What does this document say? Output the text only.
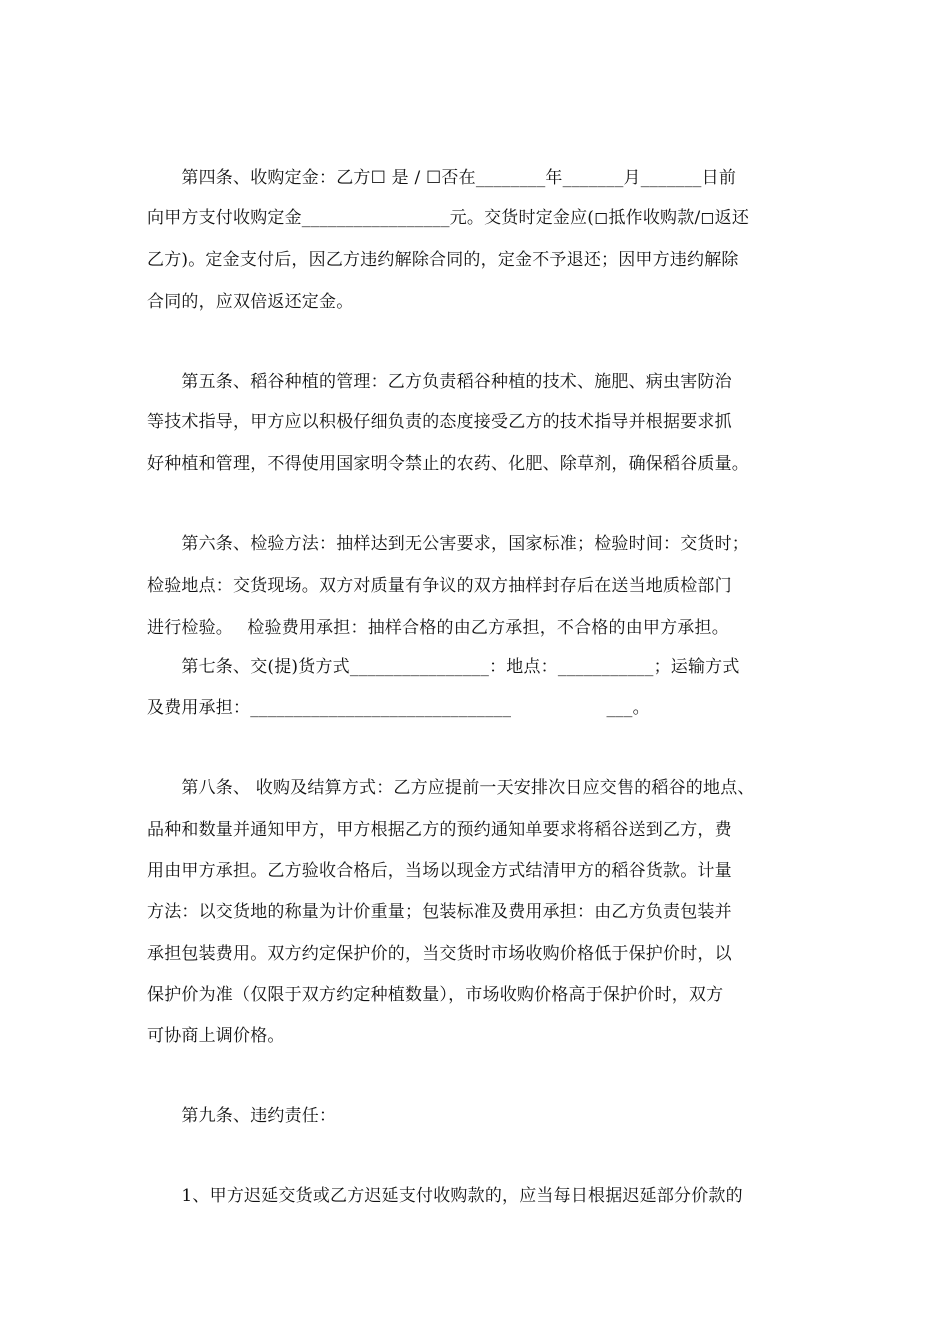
　　第四条、收购定金：乙方☐ 是 / ☐否在________年_______月_______日前
向甲方支付收购定金_________________元。交货时定金应(◻抵作收购款/◻返还
乙方)。定金支付后，因乙方违约解除合同的，定金不予退还；因甲方违约解除
合同的，应双倍返还定金。
　　第五条、稻谷种植的管理：乙方负责稻谷种植的技术、施肥、病虫害防治
等技术指导，甲方应以积极仔细负责的态度接受乙方的技术指导并根据要求抓
好种植和管理，不得使用国家明令禁止的农药、化肥、除草剂，确保稻谷质量。
　　第六条、检验方法：抽样达到无公害要求，国家标准；检验时间：交货时；
检验地点：交货现场。双方对质量有争议的双方抽样封存后在送当地质检部门
进行检验。　 检验费用承担：抽样合格的由乙方承担，不合格的由甲方承担。
　　第七条、交(提)货方式________________：地点：___________；运输方式
及费用承担：______________________________                 ___。
　　第八条、 收购及结算方式：乙方应提前一天安排次日应交售的稻谷的地点、
品种和数量并通知甲方，甲方根据乙方的预约通知单要求将稻谷送到乙方，费
用由甲方承担。乙方验收合格后，当场以现金方式结清甲方的稻谷货款。计量
方法：以交货地的称量为计价重量；包装标准及费用承担：由乙方负责包装并
承担包装费用。双方约定保护价的，当交货时市场收购价格低于保护价时，以
保护价为准（仅限于双方约定种植数量），市场收购价格高于保护价时，双方
可协商上调价格。
　　第九条、违约责任：
　　1、甲方迟延交货或乙方迟延支付收购款的，应当每日根据迟延部分价款的
